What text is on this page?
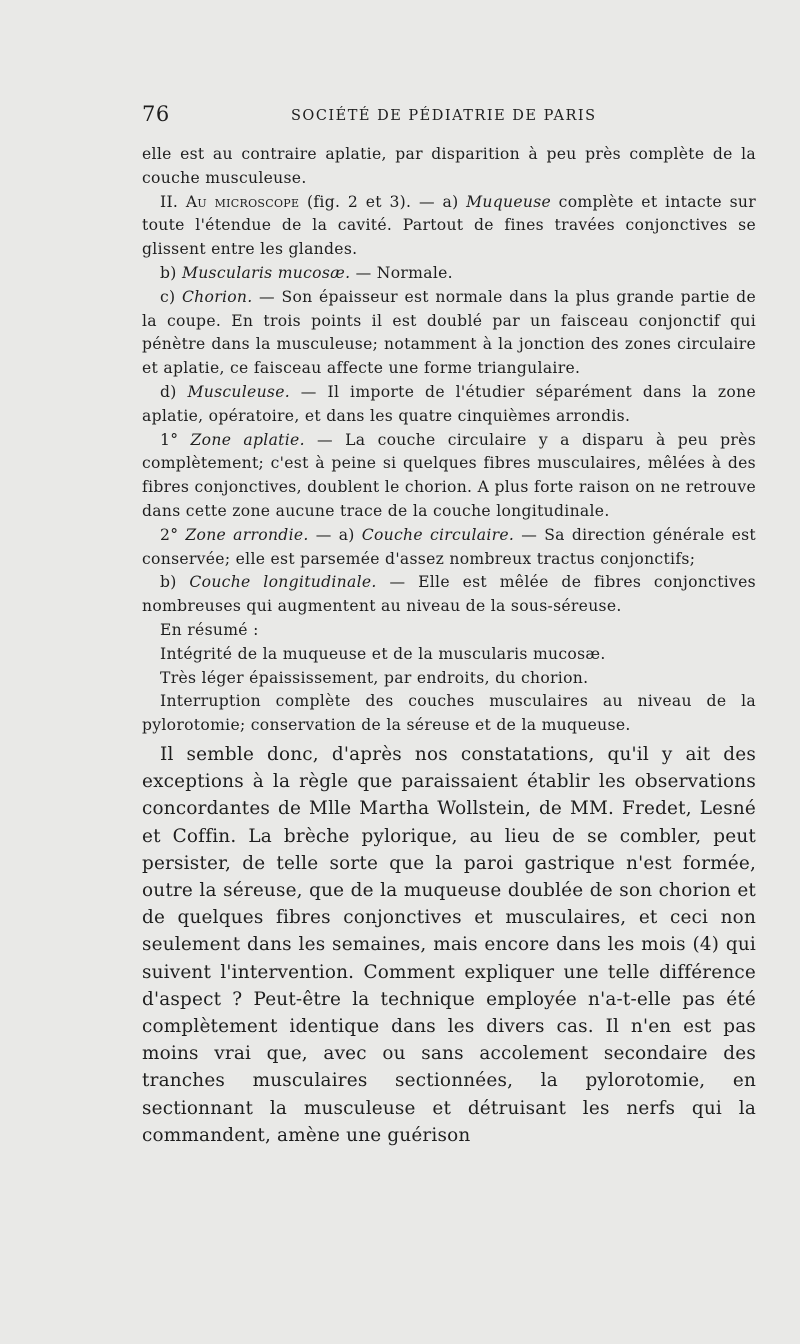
76	SOCIÉTÉ DE PÉDIATRIE DE PARIS

elle est au contraire aplatie, par disparition à peu près complète de la couche musculeuse.

II. Au microscope (fig. 2 et 3). — a) Muqueuse complète et intacte sur toute l'étendue de la cavité. Partout de fines travées conjonctives se glissent entre les glandes.

b) Muscularis mucosæ. — Normale.

c) Chorion. — Son épaisseur est normale dans la plus grande partie de la coupe. En trois points il est doublé par un faisceau conjonctif qui pénètre dans la musculeuse; notamment à la jonction des zones circulaire et aplatie, ce faisceau affecte une forme triangulaire.

d) Musculeuse. — Il importe de l'étudier séparément dans la zone aplatie, opératoire, et dans les quatre cinquièmes arrondis.

1° Zone aplatie. — La couche circulaire y a disparu à peu près complètement; c'est à peine si quelques fibres musculaires, mêlées à des fibres conjonctives, doublent le chorion. A plus forte raison on ne retrouve dans cette zone aucune trace de la couche longitudinale.

2° Zone arrondie. — a) Couche circulaire. — Sa direction générale est conservée; elle est parsemée d'assez nombreux tractus conjonctifs;

b) Couche longitudinale. — Elle est mêlée de fibres conjonctives nombreuses qui augmentent au niveau de la sous-séreuse.

En résumé :

Intégrité de la muqueuse et de la muscularis mucosæ.

Très léger épaississement, par endroits, du chorion.

Interruption complète des couches musculaires au niveau de la pylorotomie; conservation de la séreuse et de la muqueuse.

Il semble donc, d'après nos constatations, qu'il y ait des exceptions à la règle que paraissaient établir les observations concordantes de Mlle Martha Wollstein, de MM. Fredet, Lesné et Coffin. La brèche pylorique, au lieu de se combler, peut persister, de telle sorte que la paroi gastrique n'est formée, outre la séreuse, que de la muqueuse doublée de son chorion et de quelques fibres conjonctives et musculaires, et ceci non seulement dans les semaines, mais encore dans les mois (4) qui suivent l'intervention. Comment expliquer une telle différence d'aspect ? Peut-être la technique employée n'a-t-elle pas été complètement identique dans les divers cas. Il n'en est pas moins vrai que, avec ou sans accolement secondaire des tranches musculaires sectionnées, la pylorotomie, en sectionnant la musculeuse et détruisant les nerfs qui la commandent, amène une guérison
